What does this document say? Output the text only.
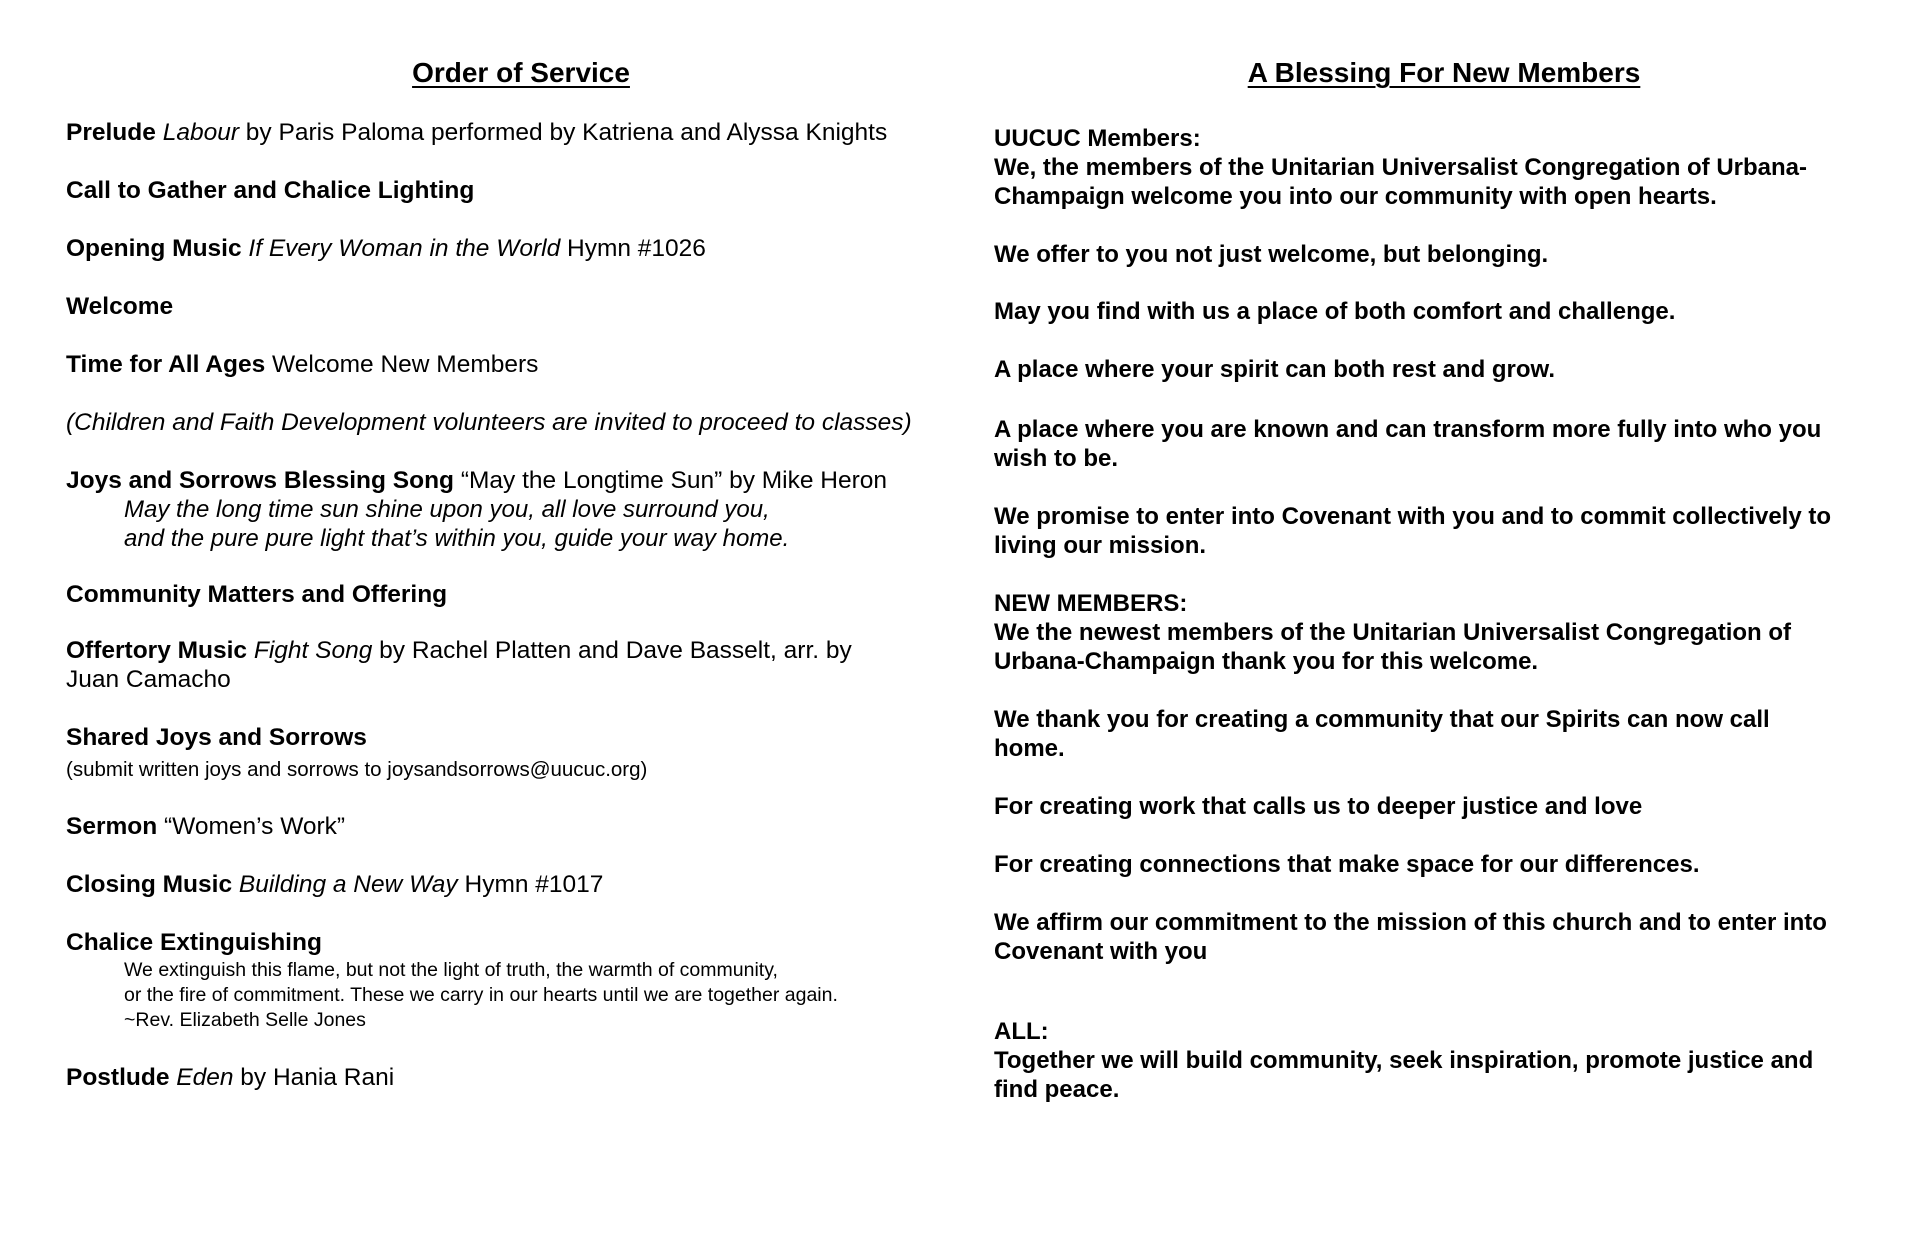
Order of Service
Prelude Labour by Paris Paloma performed by Katriena and Alyssa Knights
Call to Gather and Chalice Lighting
Opening Music If Every Woman in the World Hymn #1026
Welcome
Time for All Ages Welcome New Members
(Children and Faith Development volunteers are invited to proceed to classes)
Joys and Sorrows Blessing Song “May the Longtime Sun” by Mike Heron
May the long time sun shine upon you, all love surround you,
and the pure pure light that’s within you, guide your way home.
Community Matters and Offering
Offertory Music Fight Song by Rachel Platten and Dave Basselt, arr. by
Juan Camacho
Shared Joys and Sorrows
(submit written joys and sorrows to joysandsorrows@uucuc.org)
Sermon “Women’s Work”
Closing Music Building a New Way Hymn #1017
Chalice Extinguishing
We extinguish this flame, but not the light of truth, the warmth of community,
or the fire of commitment. These we carry in our hearts until we are together again.
~Rev. Elizabeth Selle Jones
Postlude Eden by Hania Rani
A Blessing For New Members
UUCUC Members:
We, the members of the Unitarian Universalist Congregation of Urbana-
Champaign welcome you into our community with open hearts.
We offer to you not just welcome, but belonging.
May you find with us a place of both comfort and challenge.
A place where your spirit can both rest and grow.
A place where you are known and can transform more fully into who you
wish to be.
We promise to enter into Covenant with you and to commit collectively to
living our mission.
NEW MEMBERS:
We the newest members of the Unitarian Universalist Congregation of
Urbana-Champaign thank you for this welcome.
We thank you for creating a community that our Spirits can now call
home.
For creating work that calls us to deeper justice and love
For creating connections that make space for our differences.
We affirm our commitment to the mission of this church and to enter into
Covenant with you
ALL:
Together we will build community, seek inspiration, promote justice and
find peace.
